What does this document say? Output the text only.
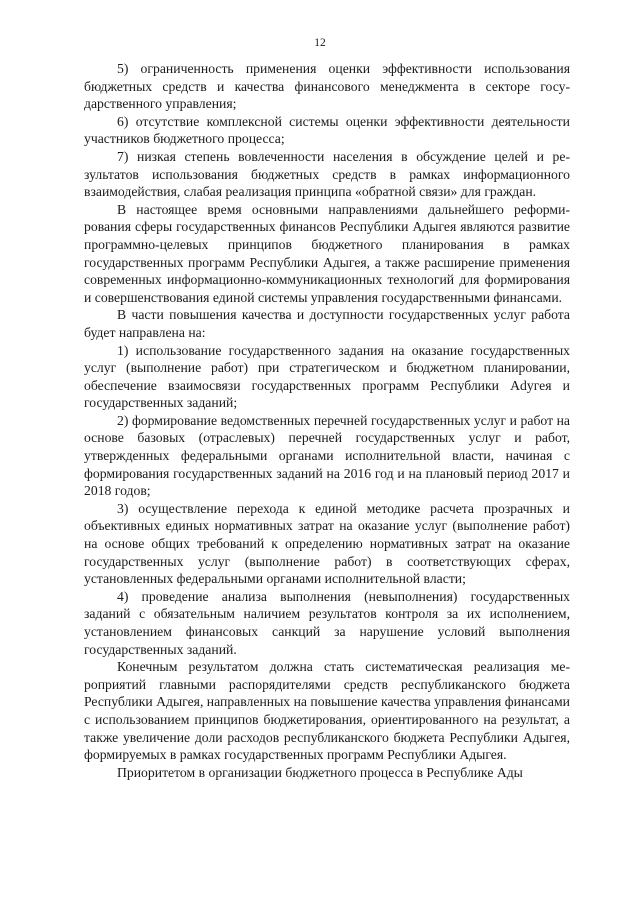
12

5) ограниченность применения оценки эффективности использования бюджетных средств и качества финансового менеджмента в секторе государственного управления;

6) отсутствие комплексной системы оценки эффективности деятельности участников бюджетного процесса;

7) низкая степень вовлеченности населения в обсуждение целей и результатов использования бюджетных средств в рамках информационного взаимодействия, слабая реализация принципа «обратной связи» для граждан.

В настоящее время основными направлениями дальнейшего реформирования сферы государственных финансов Республики Адыгея являются развитие программно-целевых принципов бюджетного планирования в рамках государственных программ Республики Адыгея, а также расширение применения современных информационно-коммуникационных технологий для формирования и совершенствования единой системы управления государственными финансами.

В части повышения качества и доступности государственных услуг работа будет направлена на:

1) использование государственного задания на оказание государственных услуг (выполнение работ) при стратегическом и бюджетном планировании, обеспечение взаимосвязи государственных программ Республики Adyгея и государственных заданий;

2) формирование ведомственных перечней государственных услуг и работ на основе базовых (отраслевых) перечней государственных услуг и работ, утвержденных федеральными органами исполнительной власти, начиная с формирования государственных заданий на 2016 год и на плановый период 2017 и 2018 годов;

3) осуществление перехода к единой методике расчета прозрачных и объективных единых нормативных затрат на оказание услуг (выполнение работ) на основе общих требований к определению нормативных затрат на оказание государственных услуг (выполнение работ) в соответствующих сферах, установленных федеральными органами исполнительной власти;

4) проведение анализа выполнения (невыполнения) государственных заданий с обязательным наличием результатов контроля за их исполнением, установлением финансовых санкций за нарушение условий выполнения государственных заданий.

Конечным результатом должна стать систематическая реализация мероприятий главными распорядителями средств республиканского бюджета Республики Адыгея, направленных на повышение качества управления финансами с использованием принципов бюджетирования, ориентированного на результат, а также увеличение доли расходов республиканского бюджета Республики Адыгея, формируемых в рамках государственных программ Республики Адыгея.

Приоритетом в организации бюджетного процесса в Республике Ады
